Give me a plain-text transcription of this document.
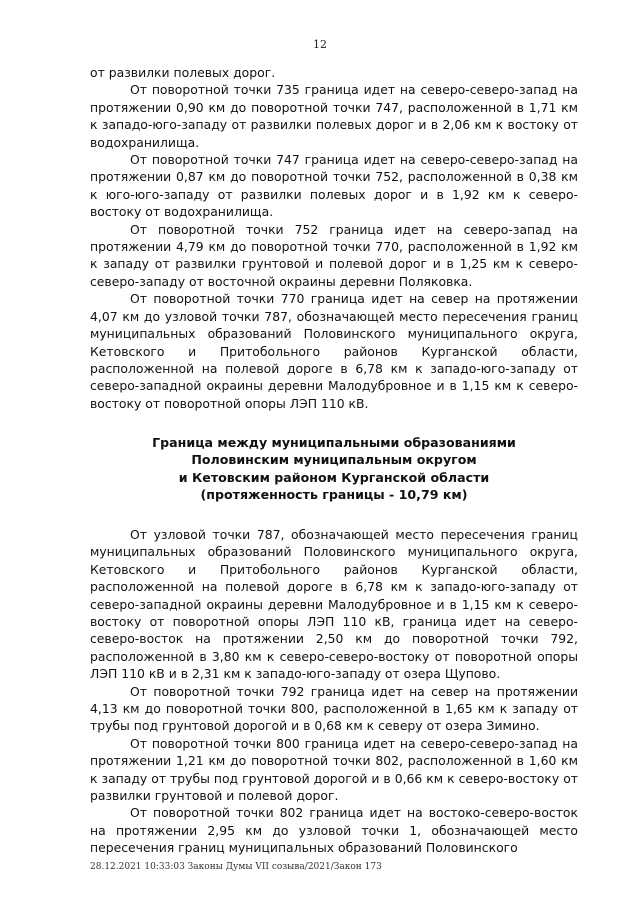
12

от развилки полевых дорог.

От поворотной точки 735 граница идет на северо-северо-запад на протяжении 0,90 км до поворотной точки 747, расположенной в 1,71 км к западо-юго-западу от развилки полевых дорог и в 2,06 км к востоку от водохранилища.

От поворотной точки 747 граница идет на северо-северо-запад на протяжении 0,87 км до поворотной точки 752, расположенной в 0,38 км к юго-юго-западу от развилки полевых дорог и в 1,92 км к северо-востоку от водохранилища.

От поворотной точки 752 граница идет на северо-запад на протяжении 4,79 км до поворотной точки 770, расположенной в 1,92 км к западу от развилки грунтовой и полевой дорог и в 1,25 км к северо-северо-западу от восточной окраины деревни Поляковка.

От поворотной точки 770 граница идет на север на протяжении 4,07 км до узловой точки 787, обозначающей место пересечения границ муниципальных образований Половинского муниципального округа, Кетовского и Притобольного районов Курганской области, расположенной на полевой дороге в 6,78 км к западо-юго-западу от северо-западной окраины деревни Малодубровное и в 1,15 км к северо-востоку от поворотной опоры ЛЭП 110 кВ.

Граница между муниципальными образованиями
Половинским муниципальным округом
и Кетовским районом Курганской области
(протяженность границы - 10,79 км)

От узловой точки 787, обозначающей место пересечения границ муниципальных образований Половинского муниципального округа, Кетовского и Притобольного районов Курганской области, расположенной на полевой дороге в 6,78 км к западо-юго-западу от северо-западной окраины деревни Малодубровное и в 1,15 км к северо-востоку от поворотной опоры ЛЭП 110 кВ, граница идет на северо-северо-восток на протяжении 2,50 км до поворотной точки 792, расположенной в 3,80 км к северо-северо-востоку от поворотной опоры ЛЭП 110 кВ и в 2,31 км к западо-юго-западу от озера Щупово.

От поворотной точки 792 граница идет на север на протяжении 4,13 км до поворотной точки 800, расположенной в 1,65 км к западу от трубы под грунтовой дорогой и в 0,68 км к северу от озера Зимино.

От поворотной точки 800 граница идет на северо-северо-запад на протяжении 1,21 км до поворотной точки 802, расположенной в 1,60 км к западу от трубы под грунтовой дорогой и в 0,66 км к северо-востоку от развилки грунтовой и полевой дорог.

От поворотной точки 802 граница идет на востоко-северо-восток на протяжении 2,95 км до узловой точки 1, обозначающей место пересечения границ муниципальных образований Половинского

28.12.2021 10:33:03 Законы Думы VII созыва/2021/Закон 173
